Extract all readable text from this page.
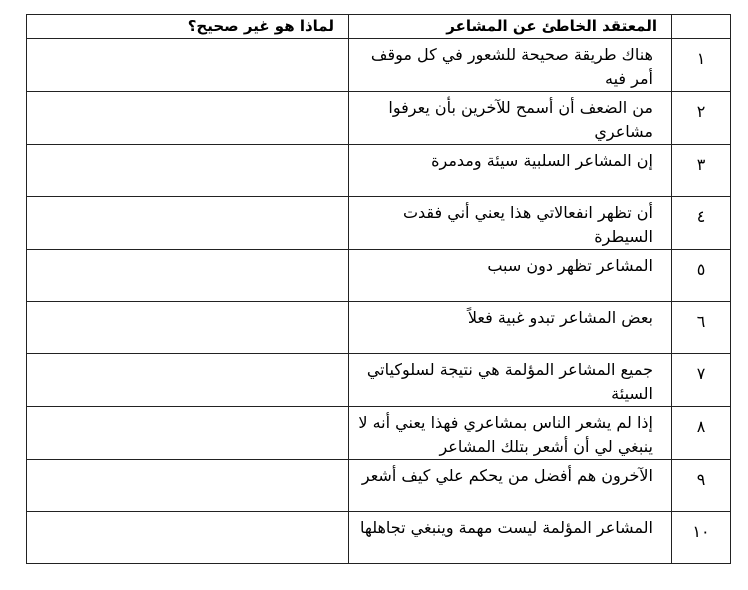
	المعتقد الخاطئ عن المشاعر	لماذا هو غير صحيح؟
١	هناك طريقة صحيحة للشعور في كل موقف أمر فيه	
٢	من الضعف أن أسمح للآخرين بأن يعرفوا مشاعري	
٣	إن المشاعر السلبية سيئة ومدمرة	
٤	أن تظهر انفعالاتي هذا يعني أني فقدت السيطرة	
٥	المشاعر تظهر دون سبب	
٦	بعض المشاعر تبدو غبية فعلاً	
٧	جميع المشاعر المؤلمة هي نتيجة لسلوكياتي السيئة	
٨	إذا لم يشعر الناس بمشاعري فهذا يعني أنه لا ينبغي لي أن أشعر بتلك المشاعر	
٩	الآخرون هم أفضل من يحكم علي كيف أشعر	
١٠	المشاعر المؤلمة ليست مهمة وينبغي تجاهلها	
